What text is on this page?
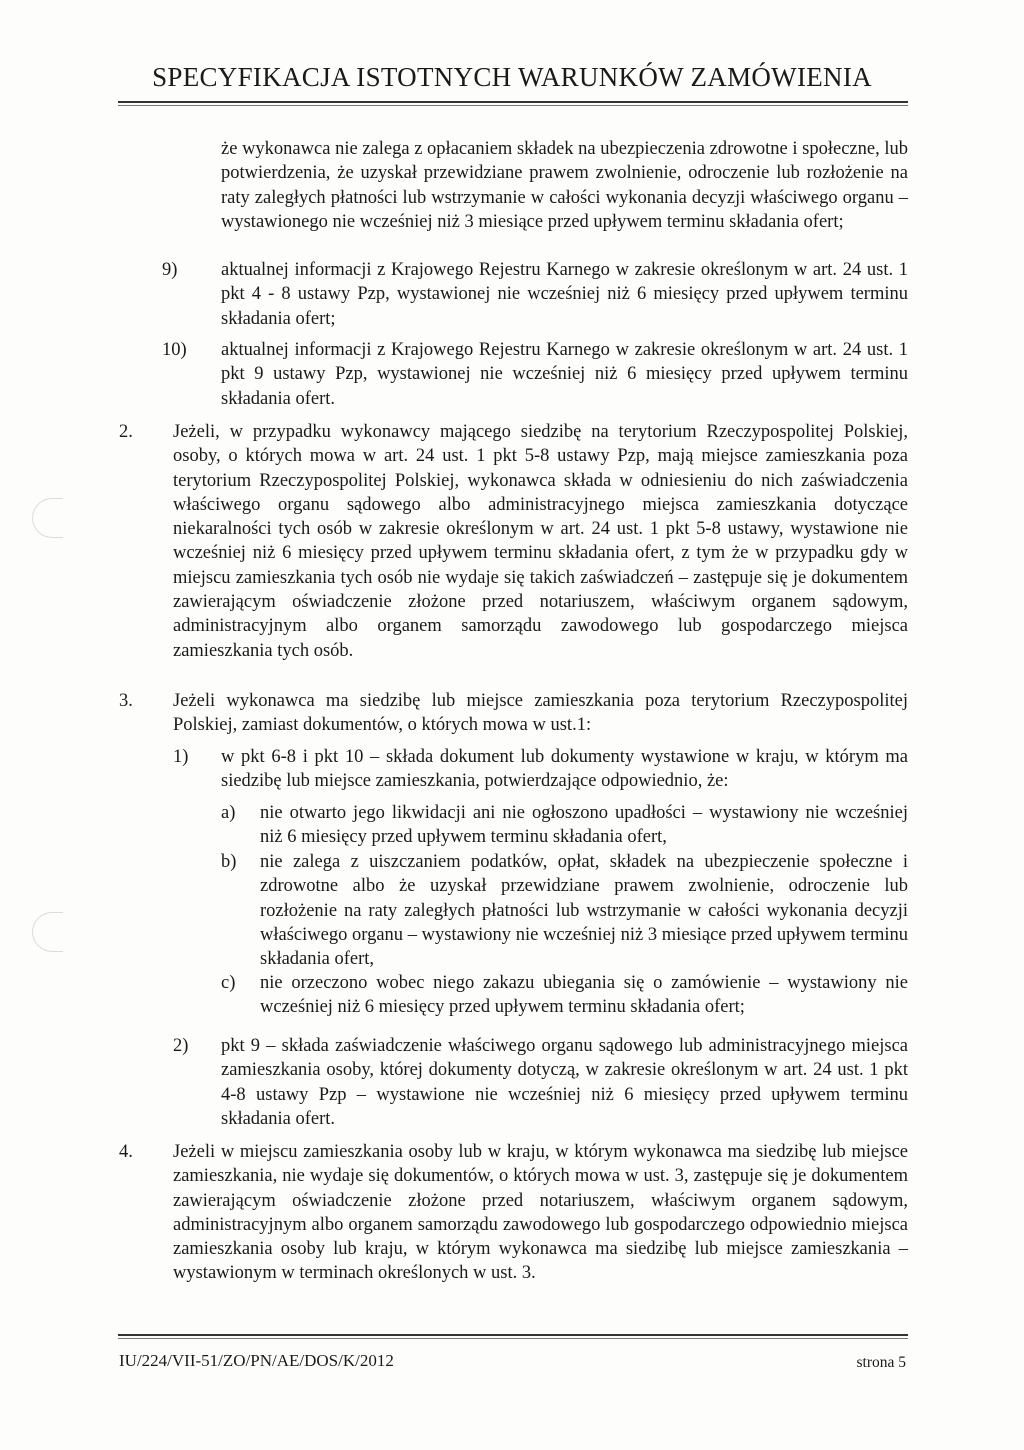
SPECYFIKACJA ISTOTNYCH WARUNKÓW ZAMÓWIENIA
że wykonawca nie zalega z opłacaniem składek na ubezpieczenia zdrowotne i społeczne, lub potwierdzenia, że uzyskał przewidziane prawem zwolnienie, odroczenie lub rozłożenie na raty zaległych płatności lub wstrzymanie w całości wykonania decyzji właściwego organu – wystawionego nie wcześniej niż 3 miesiące przed upływem terminu składania ofert;
9) aktualnej informacji z Krajowego Rejestru Karnego w zakresie określonym w art. 24 ust. 1 pkt 4 - 8 ustawy Pzp, wystawionej nie wcześniej niż 6 miesięcy przed upływem terminu składania ofert;
10) aktualnej informacji z Krajowego Rejestru Karnego w zakresie określonym w art. 24 ust. 1 pkt 9 ustawy Pzp, wystawionej nie wcześniej niż 6 miesięcy przed upływem terminu składania ofert.
2. Jeżeli, w przypadku wykonawcy mającego siedzibę na terytorium Rzeczypospolitej Polskiej, osoby, o których mowa w art. 24 ust. 1 pkt 5-8 ustawy Pzp, mają miejsce zamieszkania poza terytorium Rzeczypospolitej Polskiej, wykonawca składa w odniesieniu do nich zaświadczenia właściwego organu sądowego albo administracyjnego miejsca zamieszkania dotyczące niekaralności tych osób w zakresie określonym w art. 24 ust. 1 pkt 5-8 ustawy, wystawione nie wcześniej niż 6 miesięcy przed upływem terminu składania ofert, z tym że w przypadku gdy w miejscu zamieszkania tych osób nie wydaje się takich zaświadczeń – zastępuje się je dokumentem zawierającym oświadczenie złożone przed notariuszem, właściwym organem sądowym, administracyjnym albo organem samorządu zawodowego lub gospodarczego miejsca zamieszkania tych osób.
3. Jeżeli wykonawca ma siedzibę lub miejsce zamieszkania poza terytorium Rzeczypospolitej Polskiej, zamiast dokumentów, o których mowa w ust.1:
1) w pkt 6-8 i pkt 10 – składa dokument lub dokumenty wystawione w kraju, w którym ma siedzibę lub miejsce zamieszkania, potwierdzające odpowiednio, że:
a) nie otwarto jego likwidacji ani nie ogłoszono upadłości – wystawiony nie wcześniej niż 6 miesięcy przed upływem terminu składania ofert,
b) nie zalega z uiszczaniem podatków, opłat, składek na ubezpieczenie społeczne i zdrowotne albo że uzyskał przewidziane prawem zwolnienie, odroczenie lub rozłożenie na raty zaległych płatności lub wstrzymanie w całości wykonania decyzji właściwego organu – wystawiony nie wcześniej niż 3 miesiące przed upływem terminu składania ofert,
c) nie orzeczono wobec niego zakazu ubiegania się o zamówienie – wystawiony nie wcześniej niż 6 miesięcy przed upływem terminu składania ofert;
2) pkt 9 – składa zaświadczenie właściwego organu sądowego lub administracyjnego miejsca zamieszkania osoby, której dokumenty dotyczą, w zakresie określonym w art. 24 ust. 1 pkt 4-8 ustawy Pzp – wystawione nie wcześniej niż 6 miesięcy przed upływem terminu składania ofert.
4. Jeżeli w miejscu zamieszkania osoby lub w kraju, w którym wykonawca ma siedzibę lub miejsce zamieszkania, nie wydaje się dokumentów, o których mowa w ust. 3, zastępuje się je dokumentem zawierającym oświadczenie złożone przed notariuszem, właściwym organem sądowym, administracyjnym albo organem samorządu zawodowego lub gospodarczego odpowiednio miejsca zamieszkania osoby lub kraju, w którym wykonawca ma siedzibę lub miejsce zamieszkania – wystawionym w terminach określonych w ust. 3.
IU/224/VII-51/ZO/PN/AE/DOS/K/2012	strona 5
